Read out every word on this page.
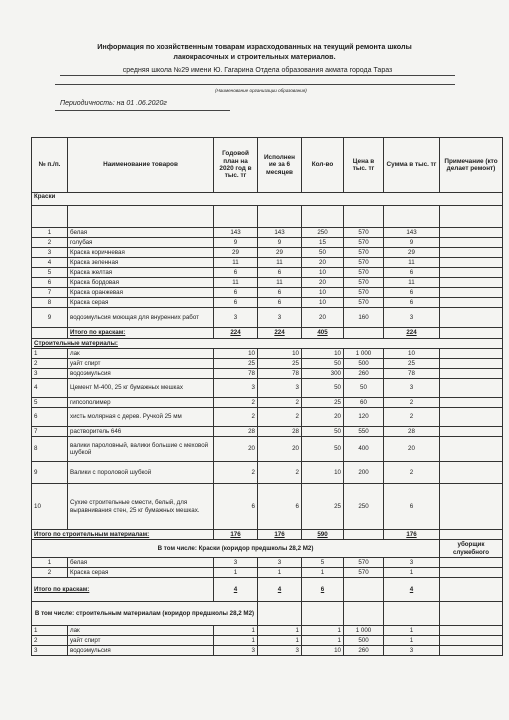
Информация по хозяйственным товарам израсходованных на текущий ремонта школы
лакокрасочных и строительных материалов.
средняя школа №29 имени Ю. Гагарина Отдела образования акмата города Тараз
(Наименование организации образования)
Периодичность: на 01 .06.2020г
№ п./п.	Наименование товаров	Годовой план на 2020 год в тыс. тг	Исполнен ие за 6 месяцев	Кол-во	Цена в тыс. тг	Сумма в тыс. тг	Примечание (кто делает ремонт)
Краски							

1	белая	143	143	250	570	143	
2	голубая	9	9	15	570	9	
3	Краска коричневая	29	29	50	570	29	
4	Краска зеленная	11	11	20	570	11	
5	Краска желтая	6	6	10	570	6	
6	Краска бордовая	11	11	20	570	11	
7	Краска оранжевая	6	6	10	570	6	
8	Краска серая	6	6	10	570	6	
9	водоэмульсия моющая для внуренних работ	3	3	20	160	3	
	Итого по краскам:	224	224	405		224	
Строительные материалы:							
1	лак	10	10	10	1 000	10	
2	уайт спирт	25	25	50	500	25	
3	водоэмульсия	78	78	300	260	78	
4	Цемент М-400, 25 кг бумажных мешках	3	3	50	50	3	
5	гипсополимер	2	2	25	60	2	
6	хисть молярная с дерев. Ручкой 25 мм	2	2	20	120	2	
7	растворитель 646	28	28	50	550	28	
8	валики пароловный, валики большие с меховой шубкой	20	20	50	400	20	
9	Валики с пороловой шубкой	2	2	10	200	2	
10	Сухие строительные смести, белый, для выравнивания стен, 25 кг бумажных мешках.	6	6	25	250	6	
Итого по строительным материалам:		176	176	590		176	
В том числе: Краски (коридор предшколы 28,2 М2)							уборщик служебного
1	белая	3	3	5	570	3	
2	Краска серая	1	1	1	570	1	
Итого по краскам:		4	4	6		4	
В том числе: строительным материалам (коридор предшколы 28,2 М2)							
1	лак	1	1	1	1 000	1	
2	уайт спирт	1	1	1	500	1	
3	водоэмульсия	3	3	10	260	3	
